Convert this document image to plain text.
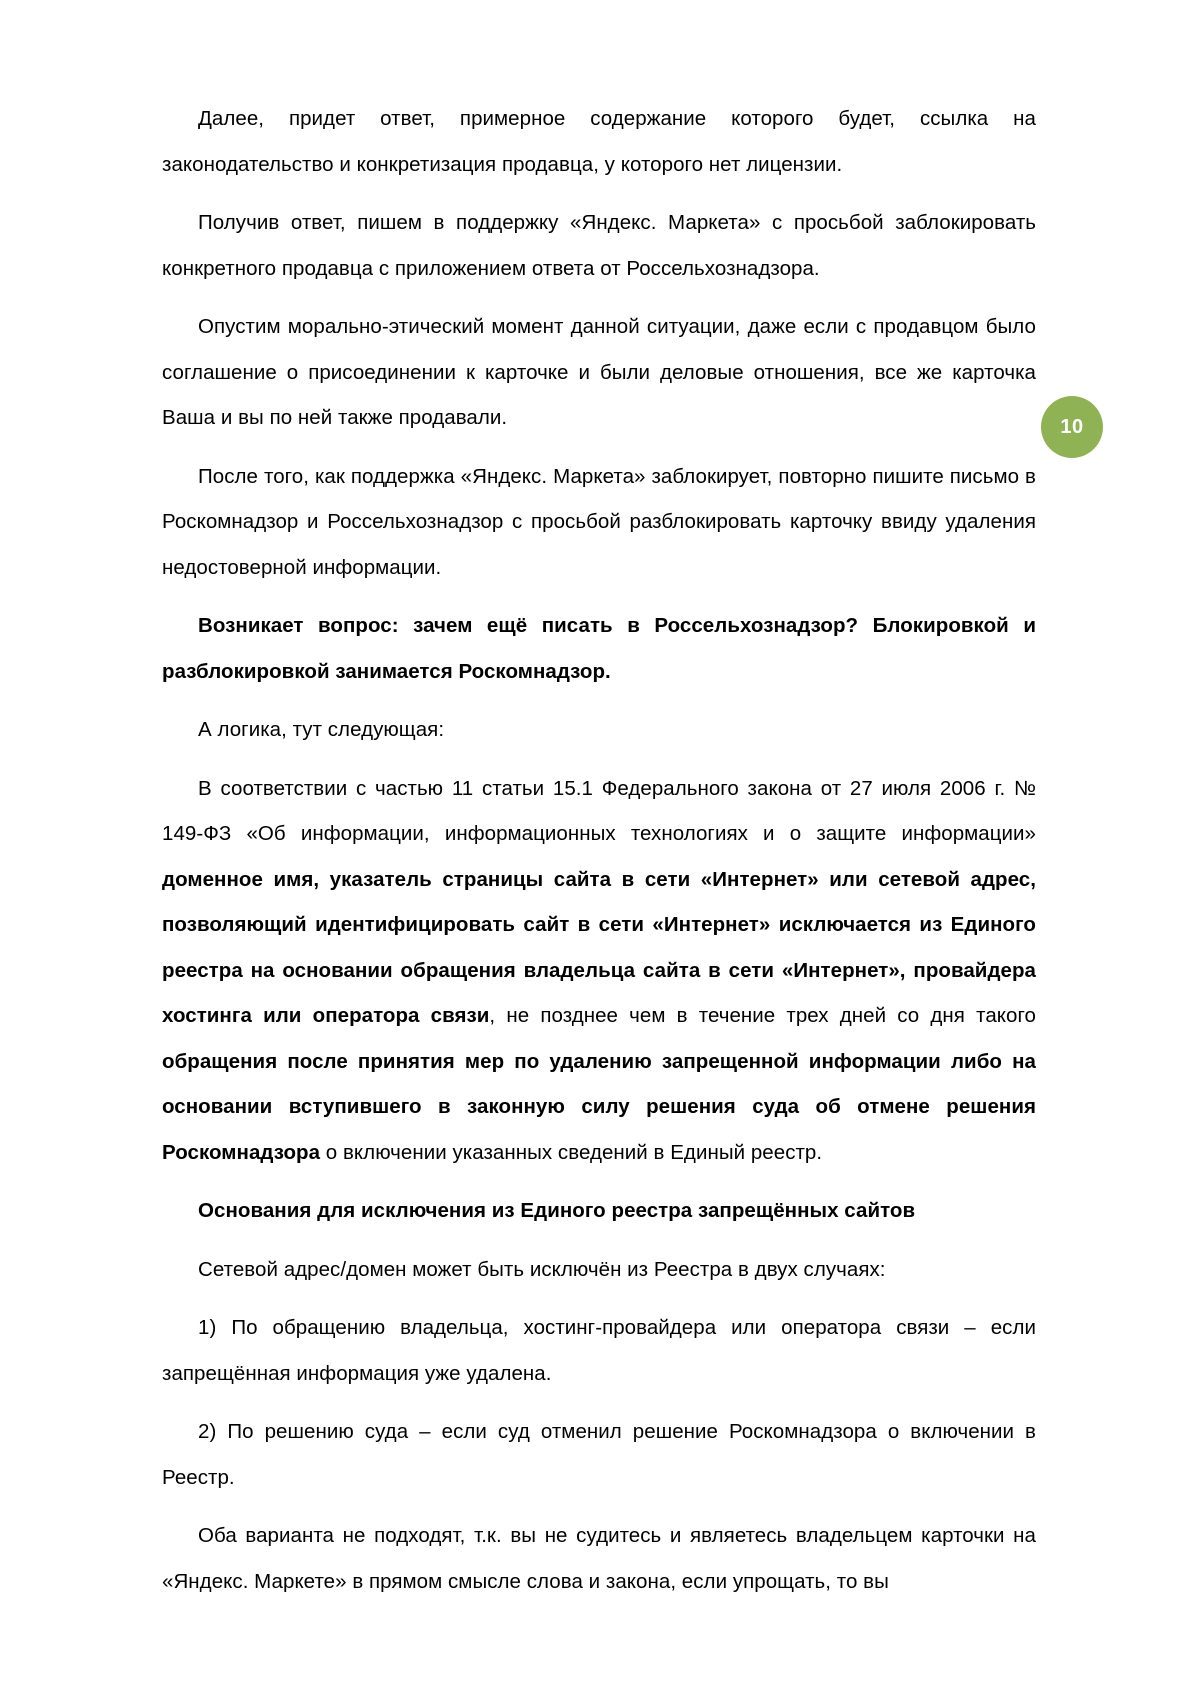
Далее, придет ответ, примерное содержание которого будет, ссылка на законодательство и конкретизация продавца, у которого нет лицензии.

Получив ответ, пишем в поддержку «Яндекс. Маркета» с просьбой заблокировать конкретного продавца с приложением ответа от Россельхознадзора.

Опустим морально-этический момент данной ситуации, даже если с продавцом было соглашение о присоединении к карточке и были деловые отношения, все же карточка Ваша и вы по ней также продавали.

После того, как поддержка «Яндекс. Маркета» заблокирует, повторно пишите письмо в Роскомнадзор и Россельхознадзор с просьбой разблокировать карточку ввиду удаления недостоверной информации.

Возникает вопрос: зачем ещё писать в Россельхознадзор? Блокировкой и разблокировкой занимается Роскомнадзор.

А логика, тут следующая:

В соответствии с частью 11 статьи 15.1 Федерального закона от 27 июля 2006 г. № 149-ФЗ «Об информации, информационных технологиях и о защите информации» доменное имя, указатель страницы сайта в сети «Интернет» или сетевой адрес, позволяющий идентифицировать сайт в сети «Интернет» исключается из Единого реестра на основании обращения владельца сайта в сети «Интернет», провайдера хостинга или оператора связи, не позднее чем в течение трех дней со дня такого обращения после принятия мер по удалению запрещенной информации либо на основании вступившего в законную силу решения суда об отмене решения Роскомнадзора о включении указанных сведений в Единый реестр.

Основания для исключения из Единого реестра запрещённых сайтов

Сетевой адрес/домен может быть исключён из Реестра в двух случаях:

1) По обращению владельца, хостинг-провайдера или оператора связи – если запрещённая информация уже удалена.

2) По решению суда – если суд отменил решение Роскомнадзора о включении в Реестр.

Оба варианта не подходят, т.к. вы не судитесь и являетесь владельцем карточки на «Яндекс. Маркете» в прямом смысле слова и закона, если упрощать, то вы

10
